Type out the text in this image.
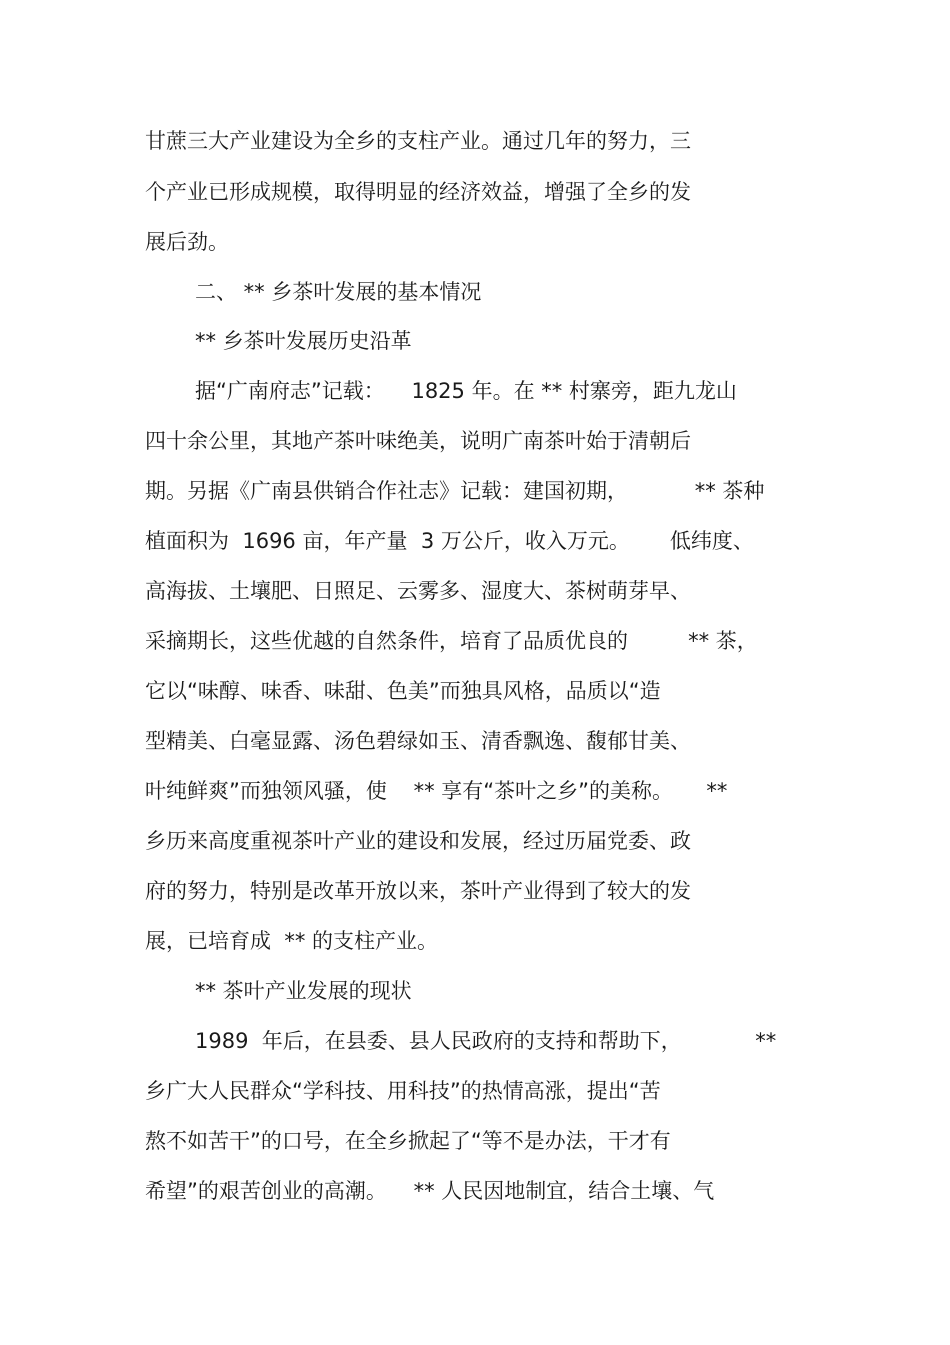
甘蔗三大产业建设为全乡的支柱产业。通过几年的努力，三

个产业已形成规模，取得明显的经济效益，增强了全乡的发

展后劲。

二、 ** 乡茶叶发展的基本情况

** 乡茶叶发展历史沿革

据“广南府志”记载：    1825 年。在 ** 村寨旁，距九龙山

四十余公里，其地产茶叶味绝美，说明广南茶叶始于清朝后

期。另据《广南县供销合作社志》记载：建国初期，          ** 茶种

植面积为  1696 亩，年产量  3 万公斤，收入万元。      低纬度、

高海拔、土壤肥、日照足、云雾多、湿度大、茶树萌芽早、

采摘期长，这些优越的自然条件，培育了品质优良的         ** 茶，

它以“味醇、味香、味甜、色美”而独具风格，品质以“造

型精美、白毫显露、汤色碧绿如玉、清香飘逸、馥郁甘美、

叶纯鲜爽”而独领风骚，使    ** 享有“茶叶之乡”的美称。     **

乡历来高度重视茶叶产业的建设和发展，经过历届党委、政

府的努力，特别是改革开放以来，茶叶产业得到了较大的发

展，已培育成  ** 的支柱产业。

** 茶叶产业发展的现状

1989  年后，在县委、县人民政府的支持和帮助下，           **

乡广大人民群众“学科技、用科技”的热情高涨，提出“苦

熬不如苦干”的口号，在全乡掀起了“等不是办法，干才有

希望”的艰苦创业的高潮。    ** 人民因地制宜，结合土壤、气
